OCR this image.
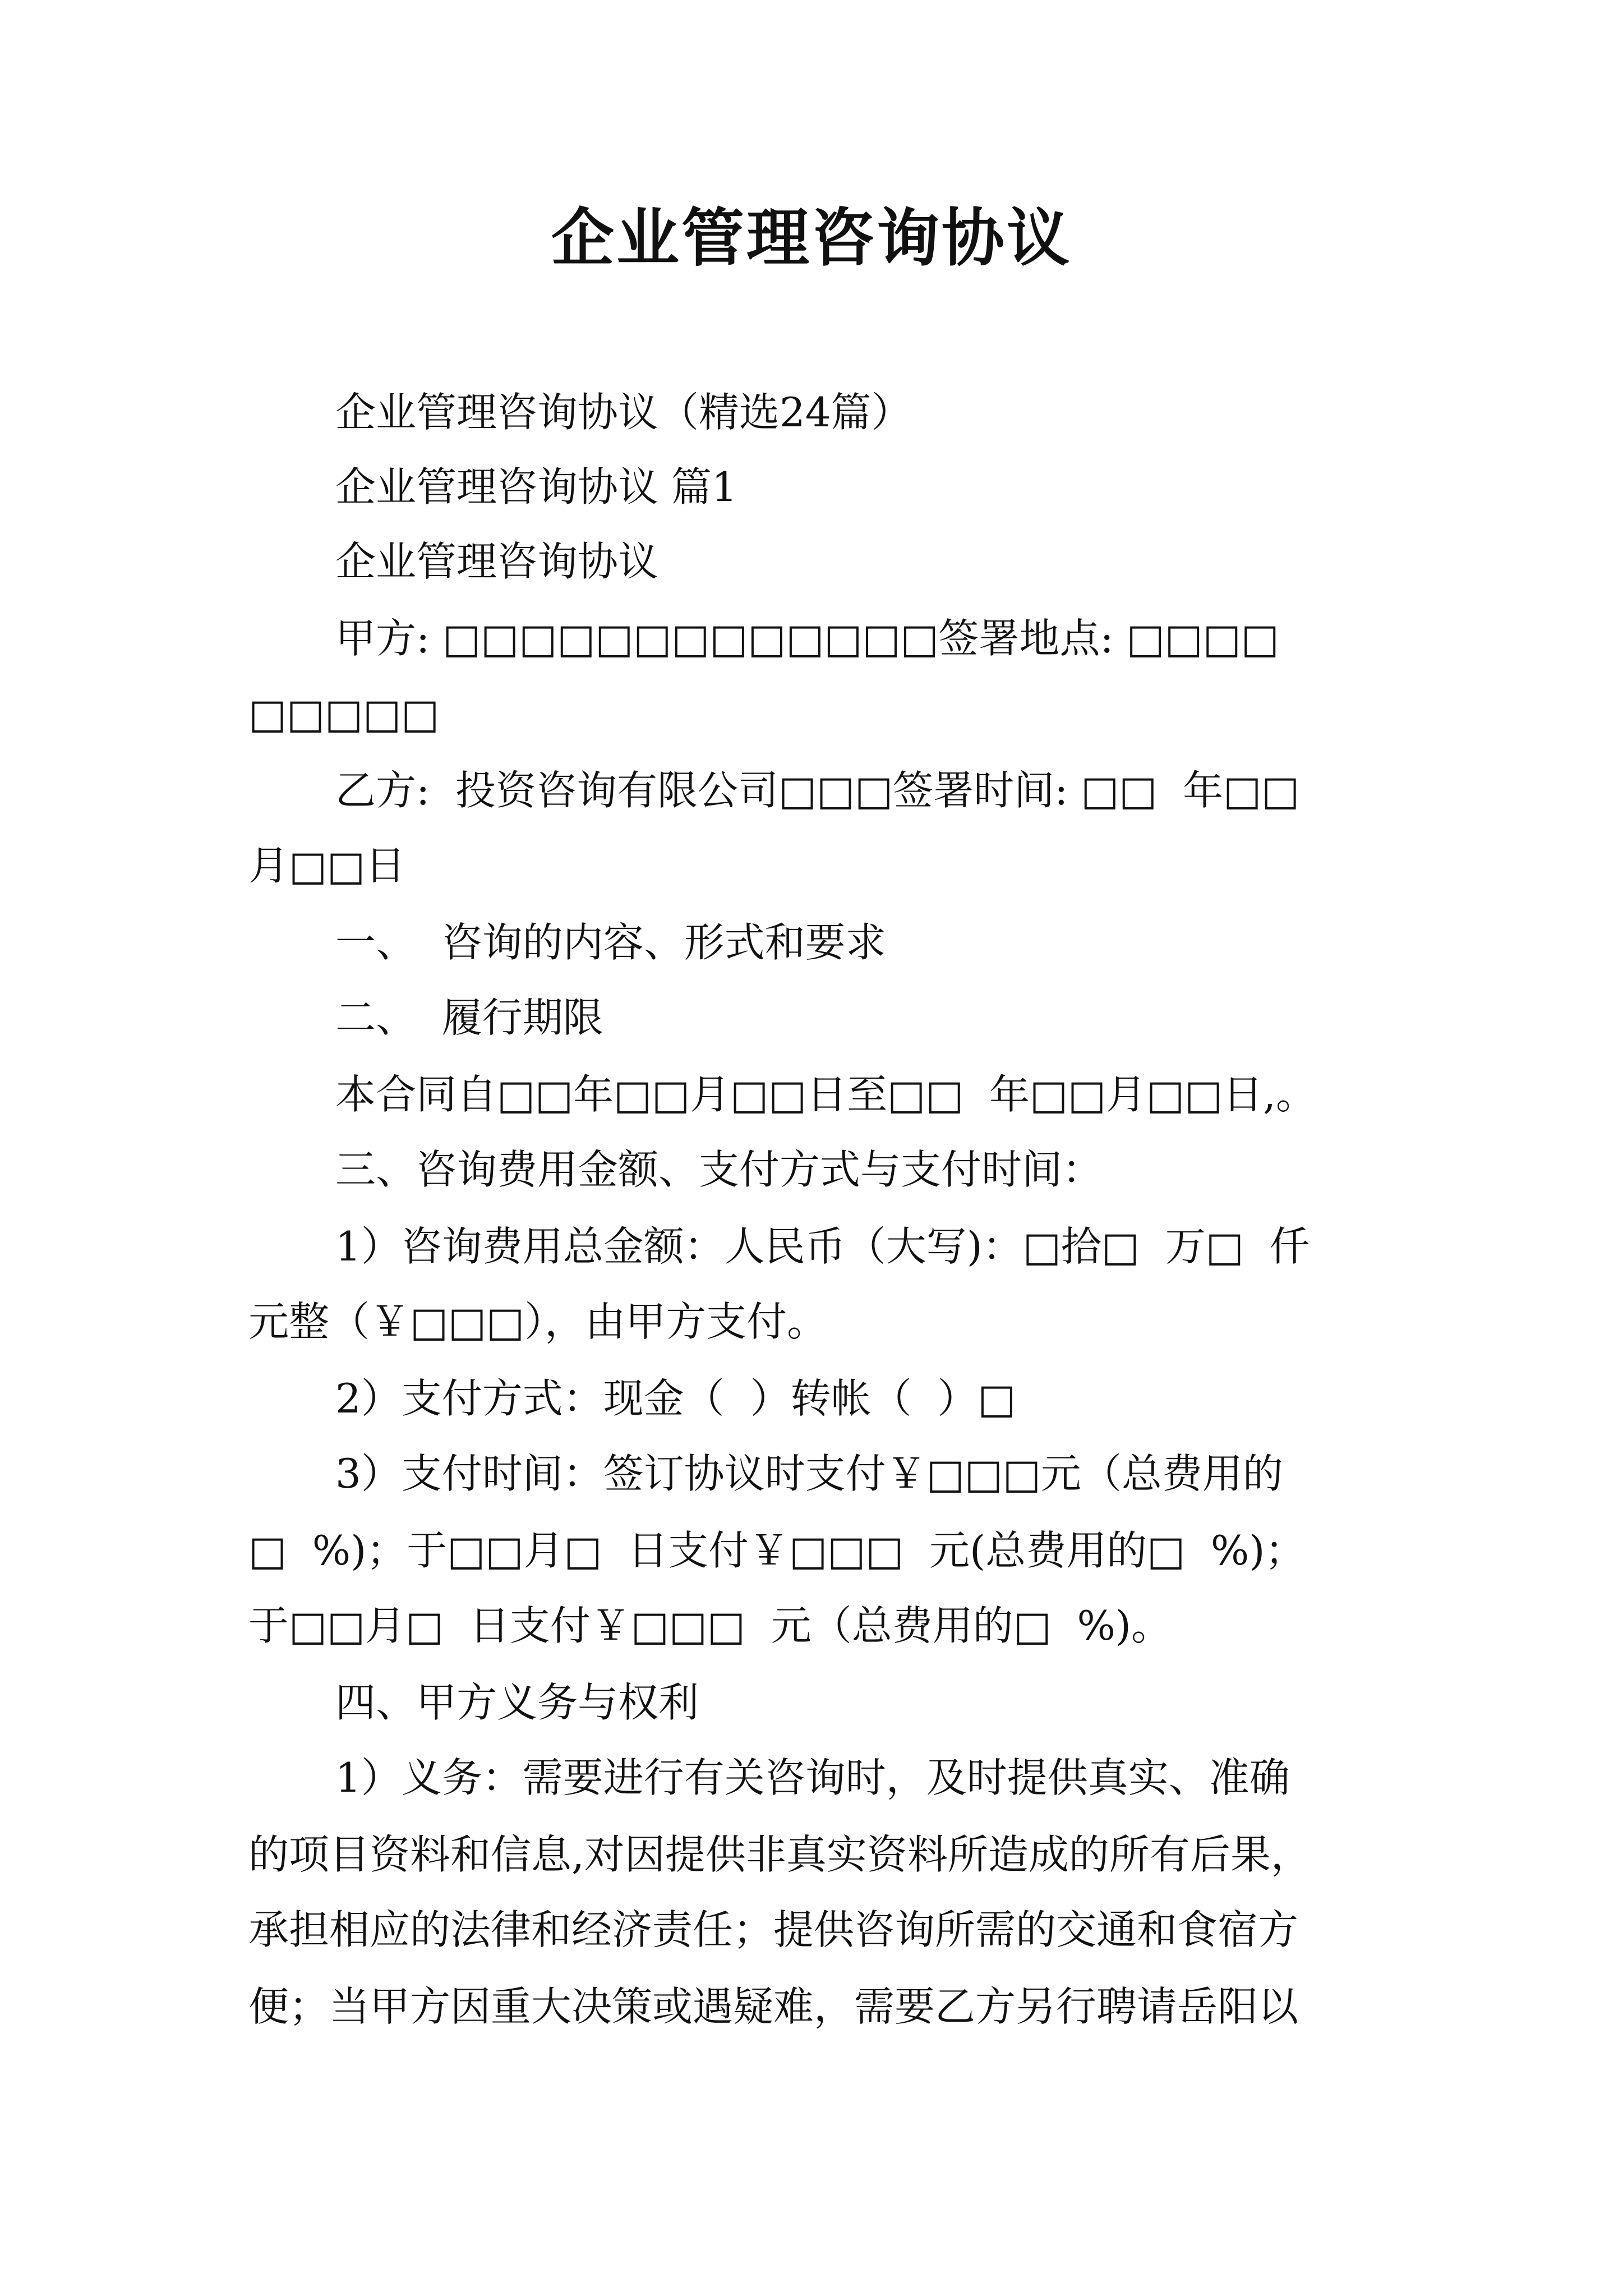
企业管理咨询协议

企业管理咨询协议（精选24篇）

企业管理咨询协议 篇1

企业管理咨询协议

甲方: □□□□□□□□□□□□□签署地点: □□□□

□□□□□

乙方:  投资咨询有限公司□□□签署时间: □□  年□□

月□□日

一、  咨询的内容、形式和要求

二、  履行期限

本合同自□□年□□月□□日至□□  年□□月□□日,。

三、咨询费用金额、支付方式与支付时间：

1）咨询费用总金额：人民币（大写)：□拾□  万□  仟

元整（￥□□□），由甲方支付。

2）支付方式：现金（  ）转帐（  ）□

3）支付时间：签订协议时支付￥□□□元（总费用的

□  %)；于□□月□  日支付￥□□□  元(总费用的□  %)；

于□□月□  日支付￥□□□  元（总费用的□  %)。

四、甲方义务与权利

1）义务：需要进行有关咨询时，及时提供真实、准确

的项目资料和信息,对因提供非真实资料所造成的所有后果，

承担相应的法律和经济责任；提供咨询所需的交通和食宿方

便；当甲方因重大决策或遇疑难，需要乙方另行聘请岳阳以
